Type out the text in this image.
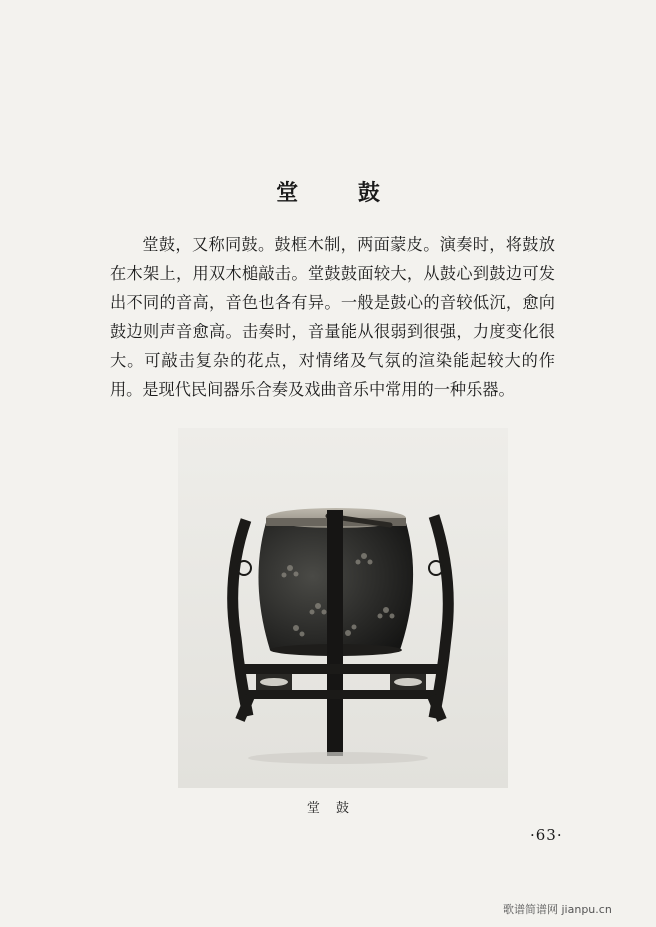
堂 鼓

堂鼓，又称同鼓。鼓框木制，两面蒙皮。演奏时，将鼓放在木架上，用双木槌敲击。堂鼓鼓面较大，从鼓心到鼓边可发出不同的音高，音色也各有异。一般是鼓心的音较低沉，愈向鼓边则声音愈高。击奏时，音量能从很弱到很强，力度变化很大。可敲击复杂的花点，对情绪及气氛的渲染能起较大的作用。是现代民间器乐合奏及戏曲音乐中常用的一种乐器。

堂 鼓

·63·

歌谱简谱网 jianpu.cn
